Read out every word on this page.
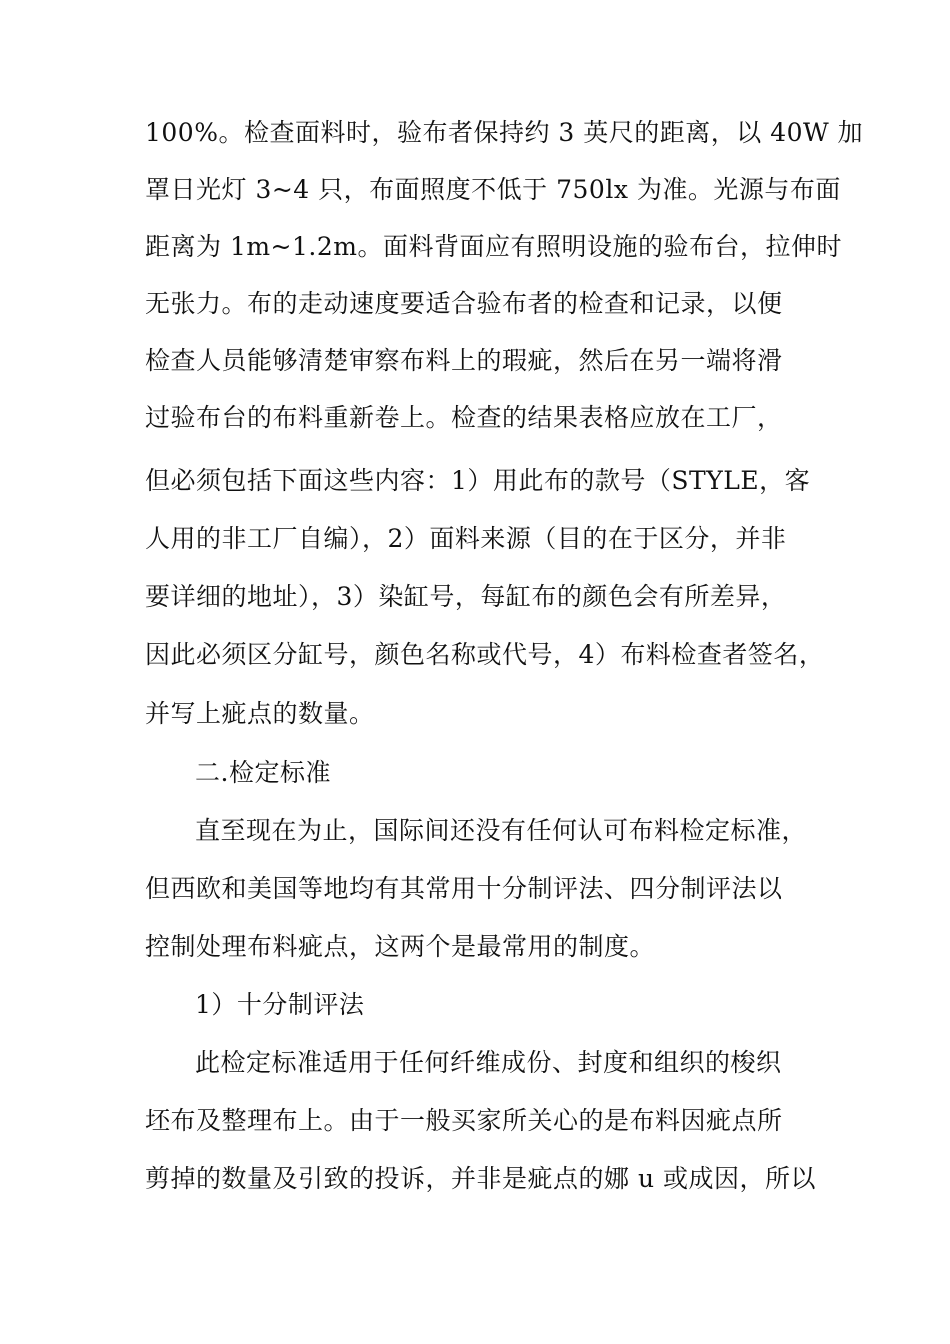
100%。检查面料时，验布者保持约 3 英尺的距离，以 40W 加
罩日光灯 3~4 只，布面照度不低于 750lx 为准。光源与布面
距离为 1m~1.2m。面料背面应有照明设施的验布台，拉伸时
无张力。布的走动速度要适合验布者的检查和记录，以便
检查人员能够清楚审察布料上的瑕疵，然后在另一端将滑
过验布台的布料重新卷上。检查的结果表格应放在工厂，
但必须包括下面这些内容：1）用此布的款号（STYLE，客
人用的非工厂自编），2）面料来源（目的在于区分，并非
要详细的地址），3）染缸号，每缸布的颜色会有所差异，
因此必须区分缸号，颜色名称或代号，4）布料检查者签名，
并写上疵点的数量。
二.检定标准
直至现在为止，国际间还没有任何认可布料检定标准，
但西欧和美国等地均有其常用十分制评法、四分制评法以
控制处理布料疵点，这两个是最常用的制度。
1）十分制评法
此检定标准适用于任何纤维成份、封度和组织的梭织
坯布及整理布上。由于一般买家所关心的是布料因疵点所
剪掉的数量及引致的投诉，并非是疵点的娜 u 或成因，所以
